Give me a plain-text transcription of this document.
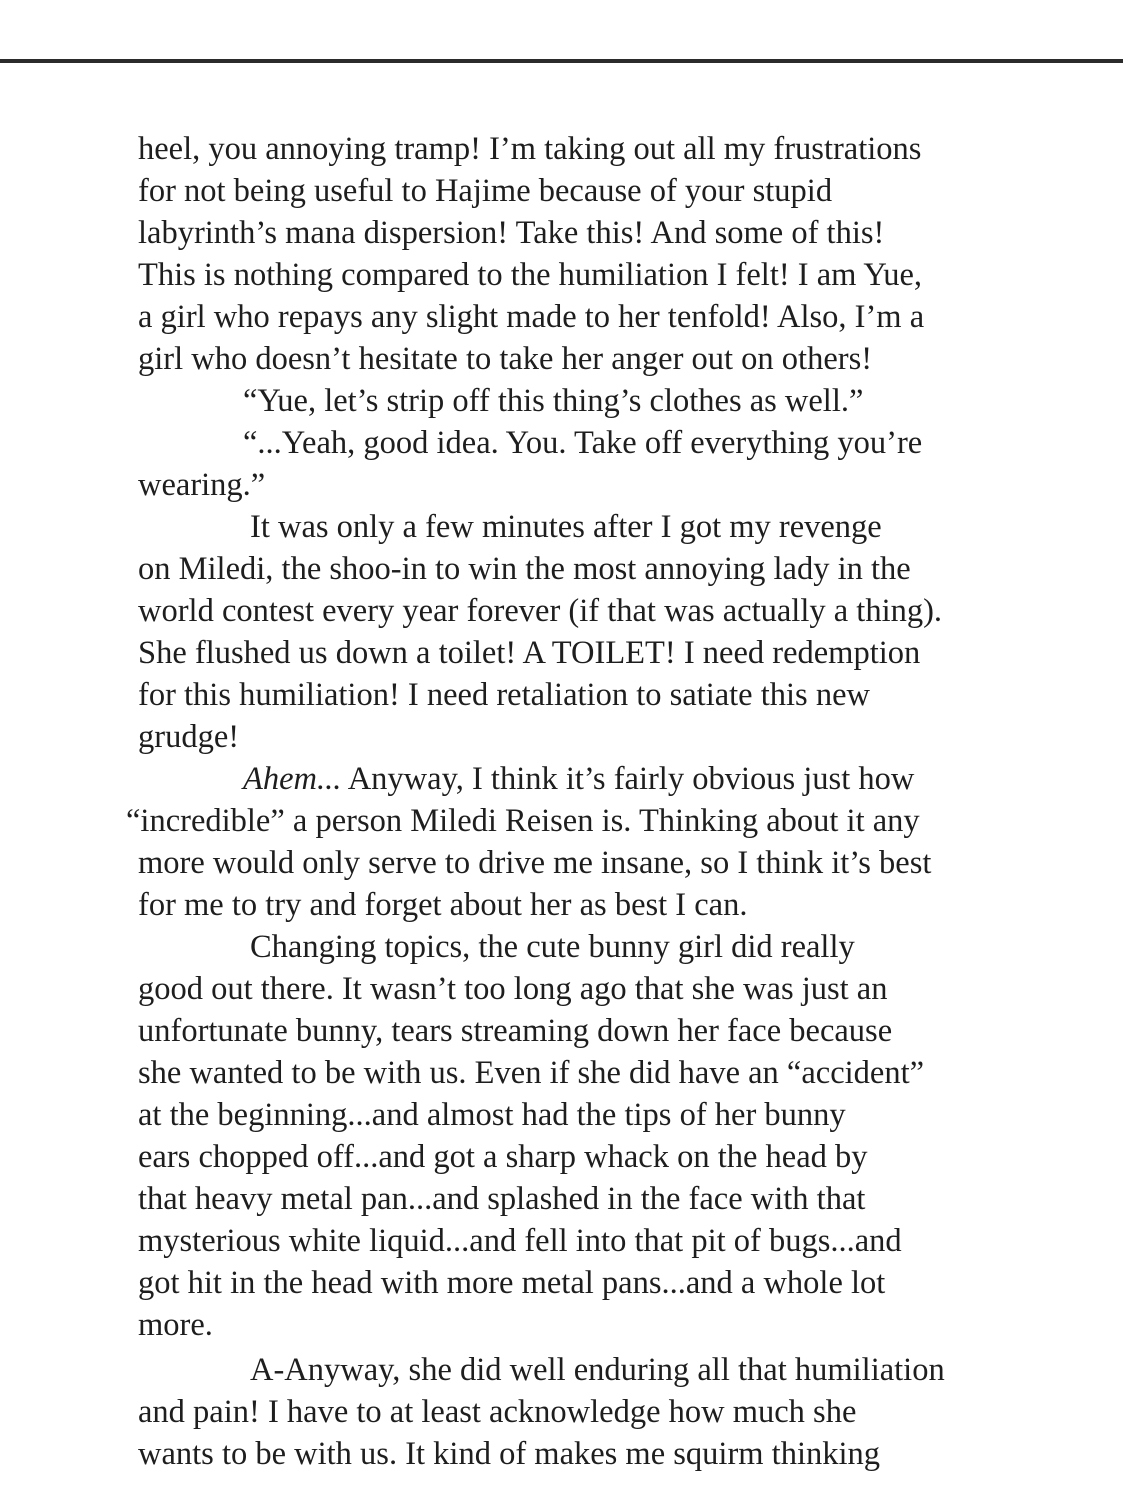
heel, you annoying tramp! I’m taking out all my frustrations
for not being useful to Hajime because of your stupid
labyrinth’s mana dispersion! Take this! And some of this!
This is nothing compared to the humiliation I felt! I am Yue,
a girl who repays any slight made to her tenfold! Also, I’m a
girl who doesn’t hesitate to take her anger out on others!
“Yue, let’s strip off this thing’s clothes as well.”
“...Yeah, good idea. You. Take off everything you’re
wearing.”
It was only a few minutes after I got my revenge
on Miledi, the shoo-in to win the most annoying lady in the
world contest every year forever (if that was actually a thing).
She flushed us down a toilet! A TOILET! I need redemption
for this humiliation! I need retaliation to satiate this new
grudge!
Ahem... Anyway, I think it’s fairly obvious just how
“incredible” a person Miledi Reisen is. Thinking about it any
more would only serve to drive me insane, so I think it’s best
for me to try and forget about her as best I can.
Changing topics, the cute bunny girl did really
good out there. It wasn’t too long ago that she was just an
unfortunate bunny, tears streaming down her face because
she wanted to be with us. Even if she did have an “accident”
at the beginning...and almost had the tips of her bunny
ears chopped off...and got a sharp whack on the head by
that heavy metal pan...and splashed in the face with that
mysterious white liquid...and fell into that pit of bugs...and
got hit in the head with more metal pans...and a whole lot
more.
A-Anyway, she did well enduring all that humiliation
and pain! I have to at least acknowledge how much she
wants to be with us. It kind of makes me squirm thinking
